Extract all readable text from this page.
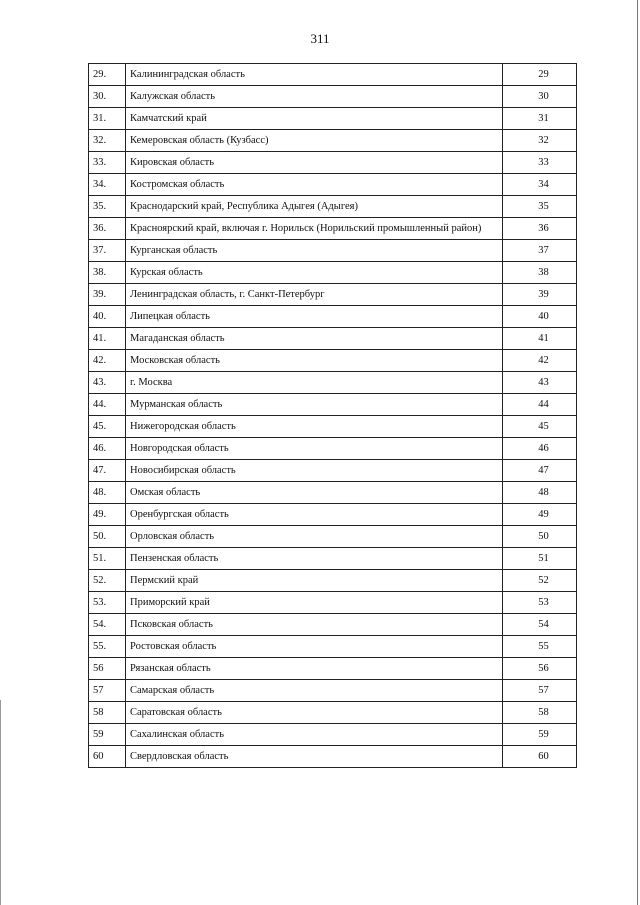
311
29.	Калининградская область	29
30.	Калужская область	30
31.	Камчатский край	31
32.	Кемеровская область (Кузбасс)	32
33.	Кировская область	33
34.	Костромская область	34
35.	Краснодарский край, Республика Адыгея (Адыгея)	35
36.	Красноярский край, включая г. Норильск (Норильский промышленный район)	36
37.	Курганская область	37
38.	Курская область	38
39.	Ленинградская область, г. Санкт-Петербург	39
40.	Липецкая область	40
41.	Магаданская область	41
42.	Московская область	42
43.	г. Москва	43
44.	Мурманская область	44
45.	Нижегородская область	45
46.	Новгородская область	46
47.	Новосибирская область	47
48.	Омская область	48
49.	Оренбургская область	49
50.	Орловская область	50
51.	Пензенская область	51
52.	Пермский край	52
53.	Приморский край	53
54.	Псковская область	54
55.	Ростовская область	55
56	Рязанская область	56
57	Самарская область	57
58	Саратовская область	58
59	Сахалинская область	59
60	Свердловская область	60
